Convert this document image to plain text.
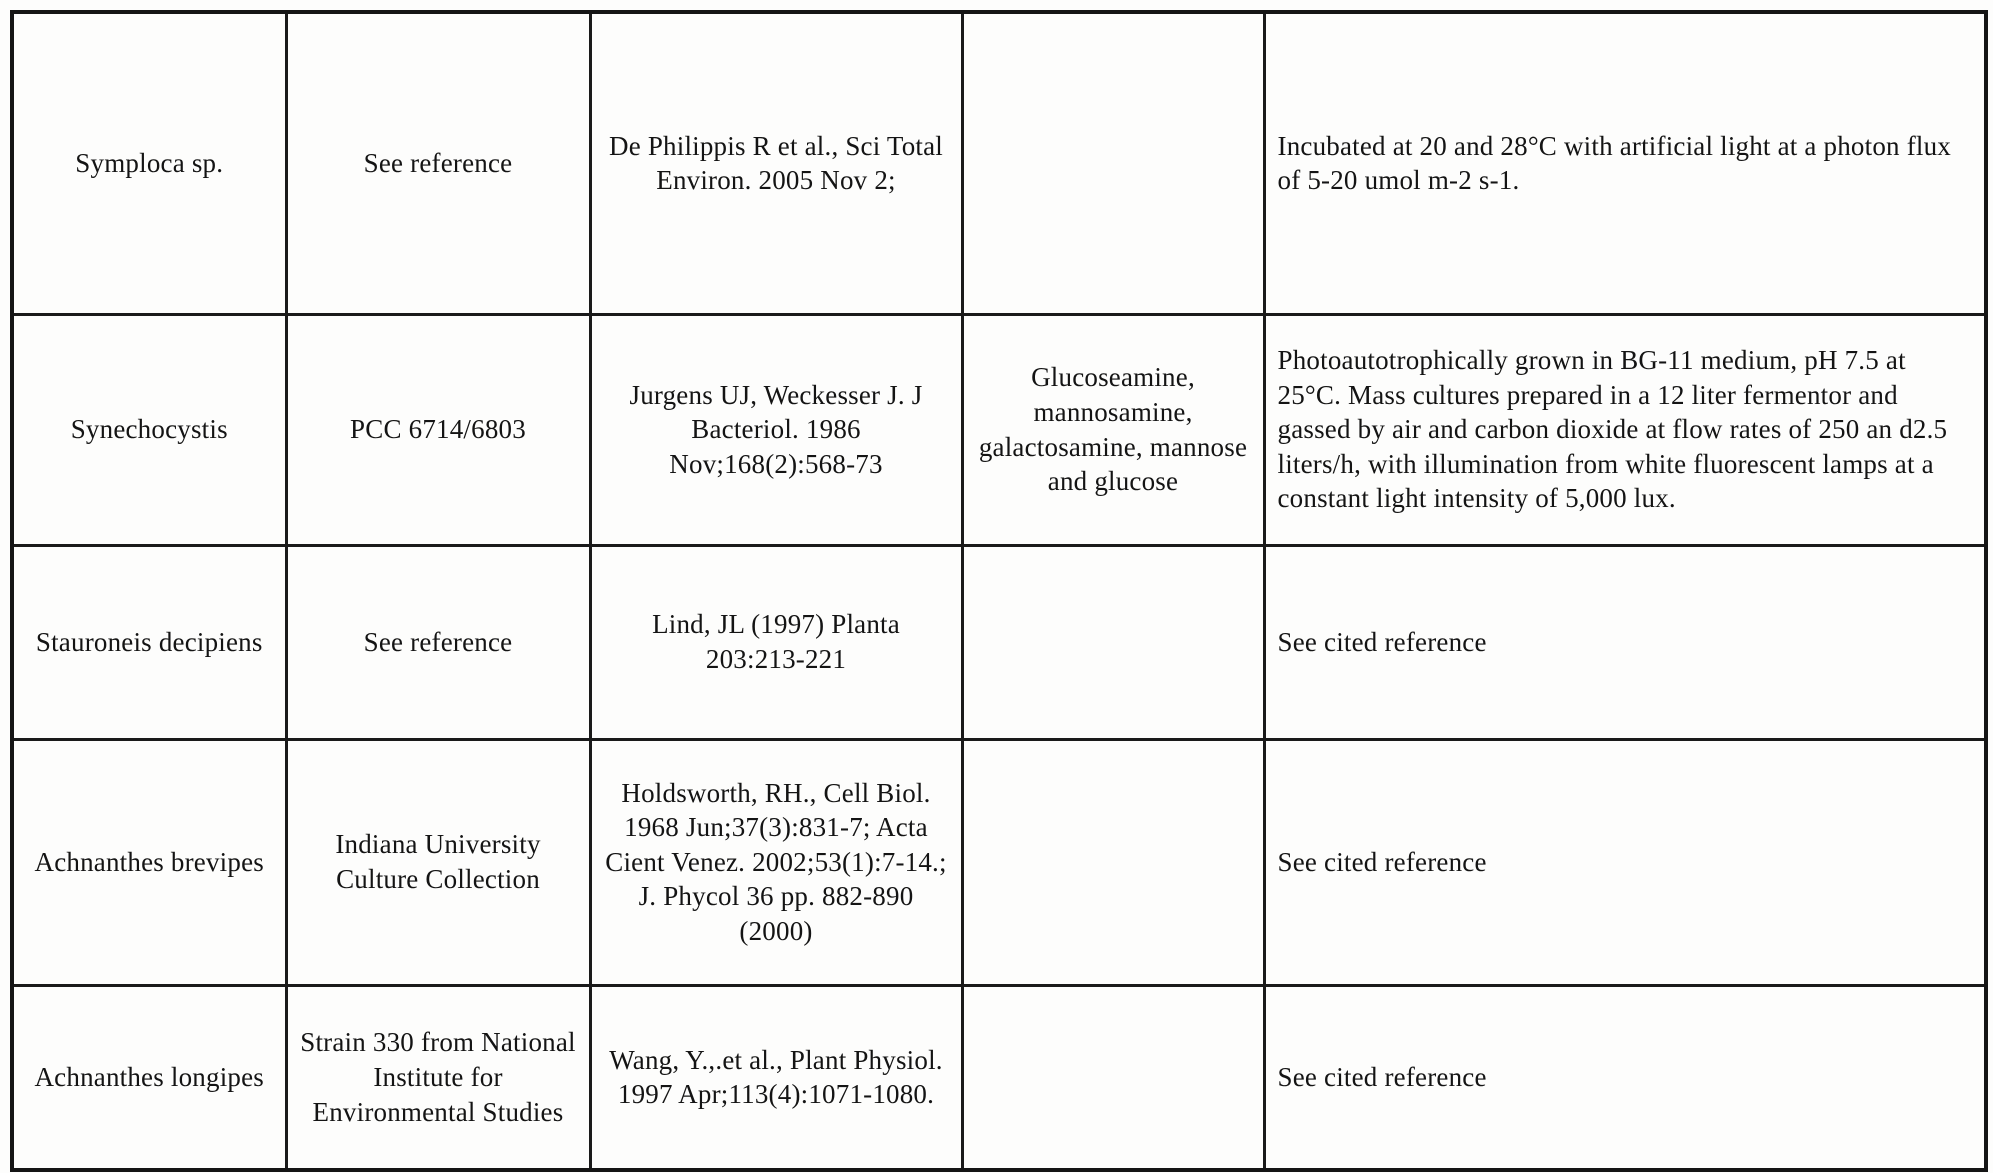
Symploca sp.	See reference	De Philippis R et al., Sci Total Environ. 2005 Nov 2;		Incubated at 20 and 28°C with artificial light at a photon flux of 5-20 umol m-2 s-1.
Synechocystis	PCC 6714/6803	Jurgens UJ, Weckesser J. J Bacteriol. 1986 Nov;168(2):568-73	Glucoseamine, mannosamine, galactosamine, mannose and glucose	Photoautotrophically grown in BG-11 medium, pH 7.5 at 25°C. Mass cultures prepared in a 12 liter fermentor and gassed by air and carbon dioxide at flow rates of 250 an d2.5 liters/h, with illumination from white fluorescent lamps at a constant light intensity of 5,000 lux.
Stauroneis decipiens	See reference	Lind, JL (1997) Planta 203:213-221		See cited reference
Achnanthes brevipes	Indiana University Culture Collection	Holdsworth, RH., Cell Biol. 1968 Jun;37(3):831-7; Acta Cient Venez. 2002;53(1):7-14.; J. Phycol 36 pp. 882-890 (2000)		See cited reference
Achnanthes longipes	Strain 330 from National Institute for Environmental Studies	Wang, Y.,.et al., Plant Physiol. 1997 Apr;113(4):1071-1080.		See cited reference
